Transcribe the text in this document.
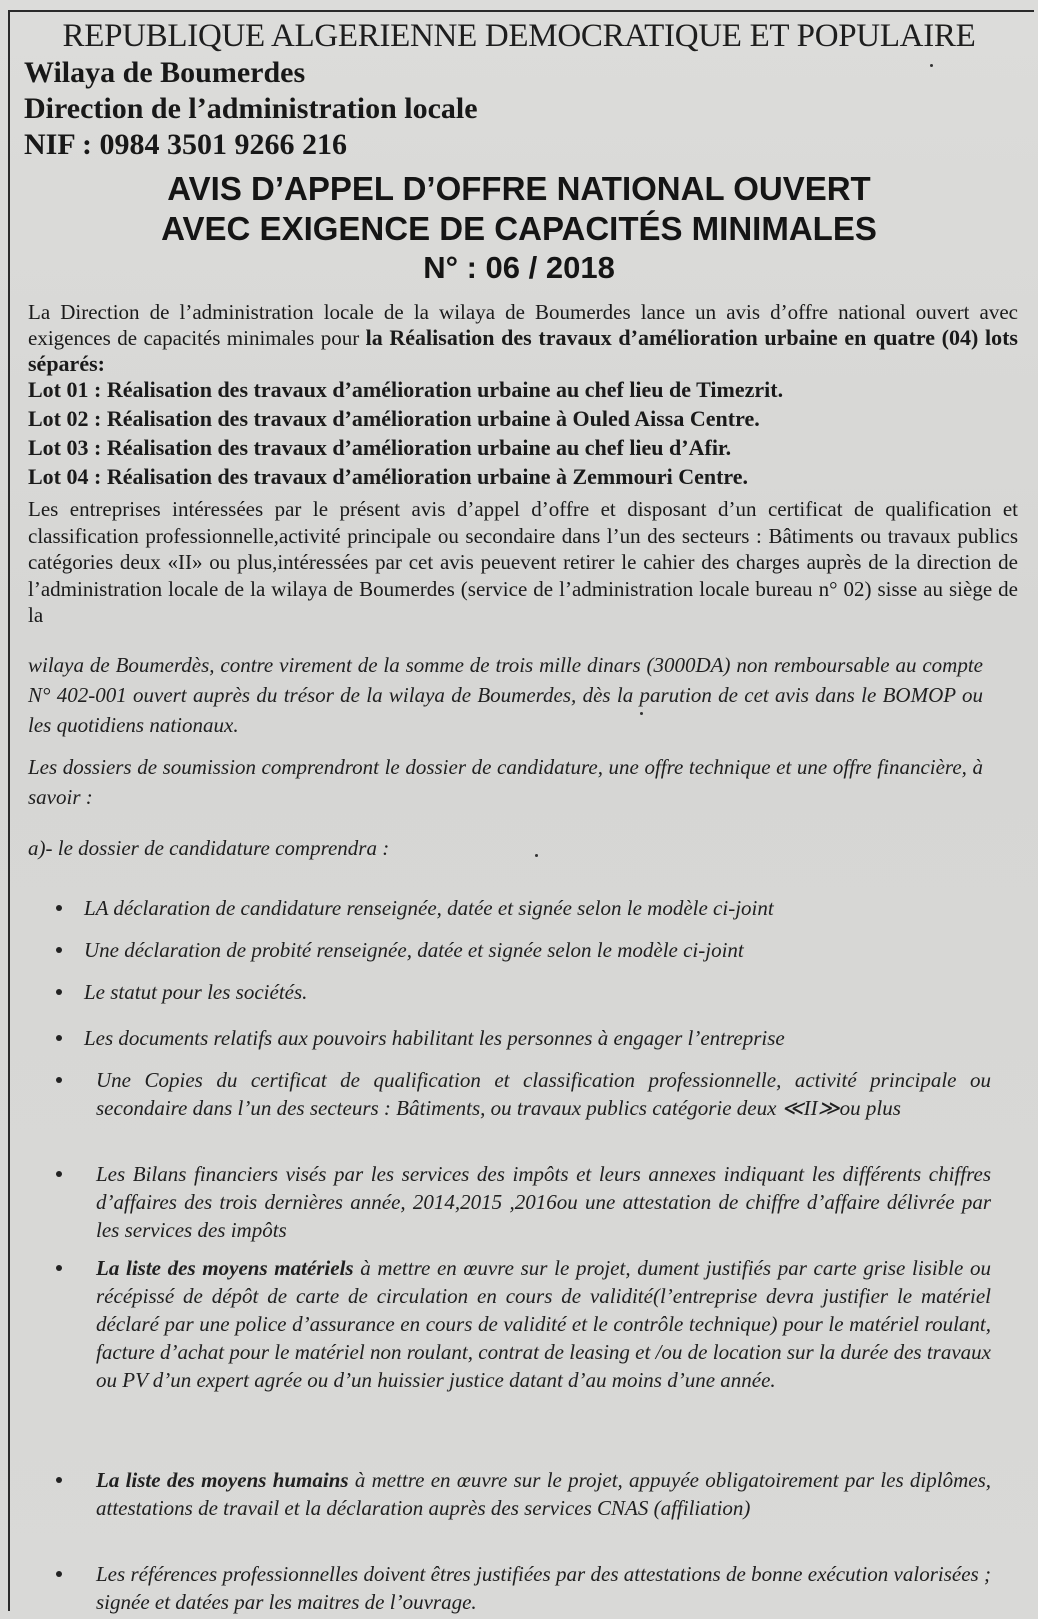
REPUBLIQUE ALGERIENNE DEMOCRATIQUE ET POPULAIRE
Wilaya de Boumerdes
Direction de l’administration locale
NIF : 0984 3501 9266 216
AVIS D’APPEL D’OFFRE NATIONAL OUVERT
AVEC EXIGENCE DE CAPACITÉS MINIMALES
N° : 06 / 2018
La Direction de l’administration locale de la wilaya de Boumerdes lance un avis d’offre national ouvert avec exigences de capacités minimales pour la Réalisation des travaux d’amélioration urbaine en quatre (04) lots séparés:
Lot 01 : Réalisation des travaux d’amélioration urbaine au chef lieu de Timezrit.
Lot 02 : Réalisation des travaux d’amélioration urbaine à Ouled Aissa Centre.
Lot 03 : Réalisation des travaux d’amélioration urbaine au chef lieu d’Afir.
Lot 04 : Réalisation des travaux d’amélioration urbaine à Zemmouri Centre.
Les entreprises intéressées par le présent avis d’appel d’offre et disposant d’un certificat de qualification et classification professionnelle,activité principale ou secondaire dans l’un des secteurs : Bâtiments ou travaux publics catégories deux «II» ou plus,intéressées par cet avis peuevent retirer le cahier des charges auprès de la direction de l’administration locale de la wilaya de Boumerdes (service de l’administration locale bureau n° 02) sisse au siège de la
wilaya de Boumerdès, contre virement de la somme de trois mille dinars (3000DA) non remboursable au compte N° 402-001 ouvert auprès du trésor de la wilaya de Boumerdes, dès la parution de cet avis dans le BOMOP ou les quotidiens nationaux.
Les dossiers de soumission comprendront le dossier de candidature, une offre technique et une offre financière, à savoir :
a)- le dossier de candidature comprendra :
LA déclaration de candidature renseignée, datée et signée selon le modèle ci-joint
Une déclaration de probité renseignée, datée et signée selon le modèle ci-joint
Le statut pour les sociétés.
Les documents relatifs aux pouvoirs habilitant les personnes à engager l’entreprise
Une Copies du certificat de qualification et classification professionnelle, activité principale ou secondaire dans l’un des secteurs : Bâtiments, ou travaux publics catégorie deux ≪II≫ou plus
Les Bilans financiers visés par les services des impôts et leurs annexes indiquant les différents chiffres d’affaires des trois dernières année, 2014,2015 ,2016ou une attestation de chiffre d’affaire délivrée par les services des impôts
La liste des moyens matériels à mettre en œuvre sur le projet, dument justifiés par carte grise lisible ou récépissé de dépôt de carte de circulation en cours de validité(l’entreprise devra justifier le matériel déclaré par une police d’assurance en cours de validité et le contrôle technique) pour le matériel roulant, facture d’achat pour le matériel non roulant, contrat de leasing et /ou de location sur la durée des travaux ou PV d’un expert agrée ou d’un huissier justice datant d’au moins d’une année.
La liste des moyens humains à mettre en œuvre sur le projet, appuyée obligatoirement par les diplômes, attestations de travail et la déclaration auprès des services CNAS (affiliation)
Les références professionnelles doivent êtres justifiées par des attestations de bonne exécution valorisées ; signée et datées par les maitres de l’ouvrage.
